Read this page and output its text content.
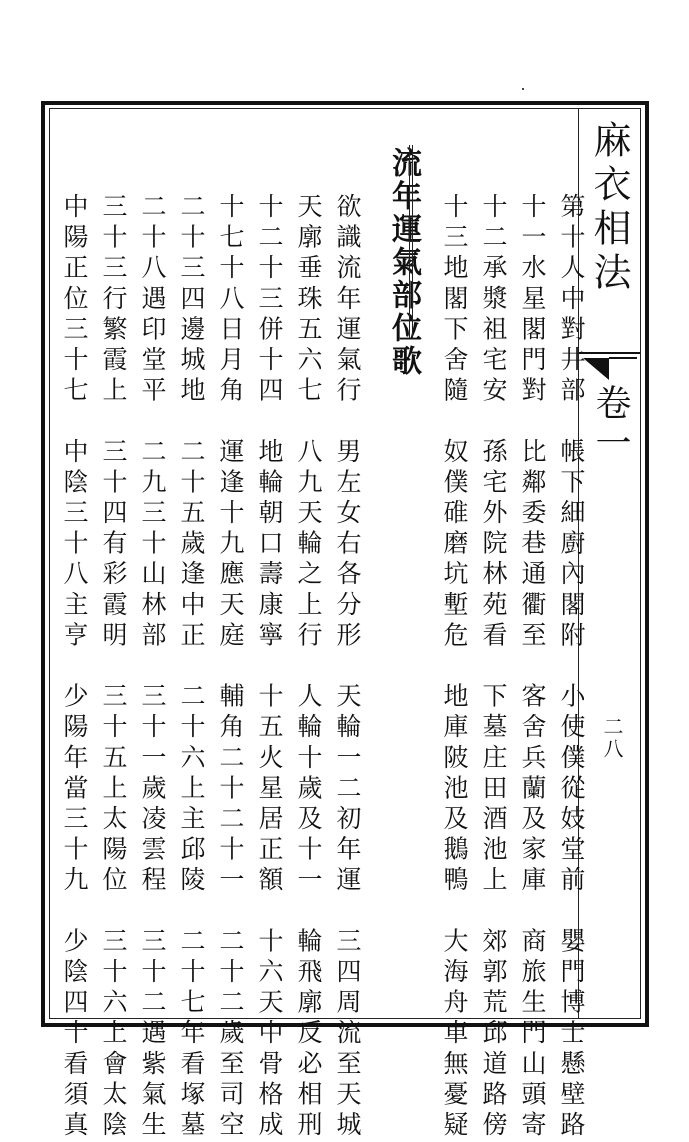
麻衣相法
卷一
二八
第十人中對井部　帳下細廚內閣附　小使僕從妓堂前　嬰門博士懸壁路
十一水星閣門對　比鄰委巷通衢至　客舍兵蘭及家庫　商旅生門山頭寄
十二承漿祖宅安　孫宅外院林苑看　下墓庄田酒池上　郊郭荒邱道路傍
十三地閣下舍隨　奴僕碓磨坑塹危　地庫陂池及鵝鴨　大海舟車無憂疑
流年運氣部位歌
欲識流年運氣行　男左女右各分形　天輪一二初年運　三四周流至天城
天廓垂珠五六七　八九天輪之上行　人輪十歲及十一　輪飛廓反必相刑
十二十三併十四　地輪朝口壽康寧　十五火星居正額　十六天中骨格成
十七十八日月角　運逢十九應天庭　輔角二十二十一　二十二歲至司空
二十三四邊城地　二十五歲逢中正　二十六上主邱陵　二十七年看塚墓
二十八遇印堂平　二九三十山林部　三十一歲凌雲程　三十二遇紫氣生
三十三行繁霞上　三十四有彩霞明　三十五上太陽位　三十六上會太陰
中陽正位三十七　中陰三十八主亨　少陽年當三十九　少陰四十看須真
